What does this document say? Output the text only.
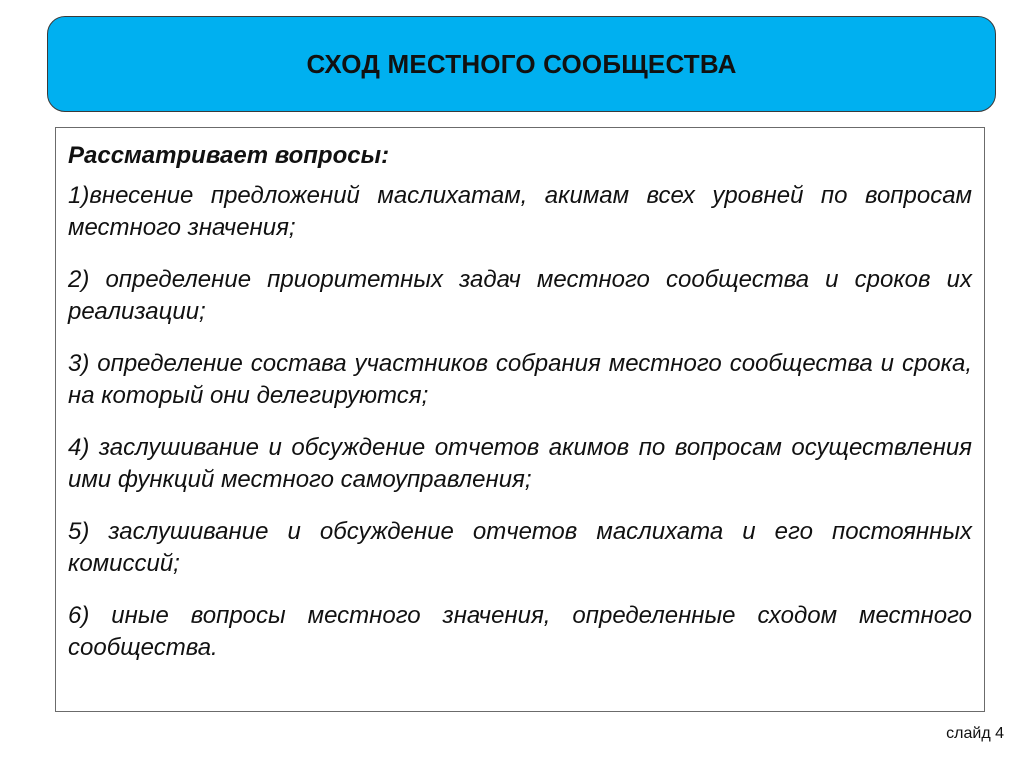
СХОД МЕСТНОГО СООБЩЕСТВА

Рассматривает вопросы:

1)внесение предложений маслихатам, акимам всех уровней по вопросам местного значения;

2) определение приоритетных задач местного сообщества и сроков их реализации;

3) определение состава участников собрания местного сообщества и срока, на который они делегируются;

4) заслушивание и обсуждение отчетов акимов по вопросам осуществления ими функций местного самоуправления;

5) заслушивание и обсуждение отчетов маслихата и его постоянных комиссий;

6) иные вопросы местного значения, определенные сходом местного сообщества.

слайд 4
